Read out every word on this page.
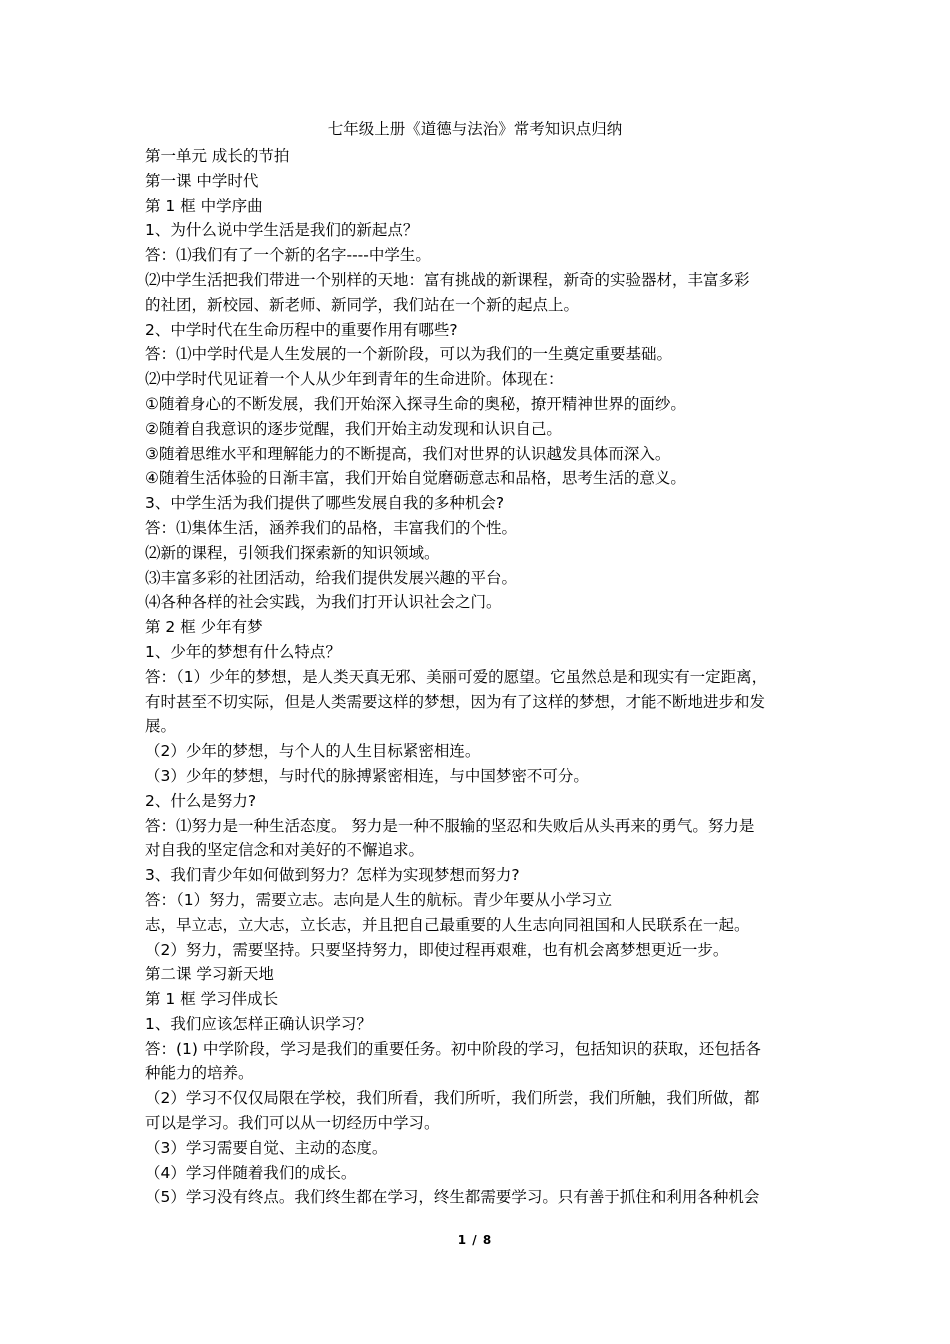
七年级上册《道德与法治》常考知识点归纳
第一单元 成长的节拍
第一课 中学时代
第 1 框 中学序曲
1、为什么说中学生活是我们的新起点？
答：⑴我们有了一个新的名字----中学生。
⑵中学生活把我们带进一个别样的天地：富有挑战的新课程，新奇的实验器材，丰富多彩
的社团，新校园、新老师、新同学，我们站在一个新的起点上。
2、中学时代在生命历程中的重要作用有哪些?
答：⑴中学时代是人生发展的一个新阶段，可以为我们的一生奠定重要基础。
⑵中学时代见证着一个人从少年到青年的生命进阶。体现在：
①随着身心的不断发展，我们开始深入探寻生命的奥秘，撩开精神世界的面纱。
②随着自我意识的逐步觉醒，我们开始主动发现和认识自己。
③随着思维水平和理解能力的不断提高，我们对世界的认识越发具体而深入。
④随着生活体验的日渐丰富，我们开始自觉磨砺意志和品格，思考生活的意义。
3、中学生活为我们提供了哪些发展自我的多种机会?
答：⑴集体生活，涵养我们的品格，丰富我们的个性。
⑵新的课程，引领我们探索新的知识领域。
⑶丰富多彩的社团活动，给我们提供发展兴趣的平台。
⑷各种各样的社会实践，为我们打开认识社会之门。
第 2 框 少年有梦
1、少年的梦想有什么特点？
答：（1）少年的梦想，是人类天真无邪、美丽可爱的愿望。它虽然总是和现实有一定距离，
有时甚至不切实际，但是人类需要这样的梦想，因为有了这样的梦想，才能不断地进步和发
展。
（2）少年的梦想，与个人的人生目标紧密相连。
（3）少年的梦想，与时代的脉搏紧密相连，与中国梦密不可分。
2、什么是努力?
答：⑴努力是一种生活态度。 努力是一种不服输的坚忍和失败后从头再来的勇气。努力是
对自我的坚定信念和对美好的不懈追求。
3、我们青少年如何做到努力？怎样为实现梦想而努力?
答：（1）努力，需要立志。志向是人生的航标。青少年要从小学习立
志，早立志，立大志，立长志，并且把自己最重要的人生志向同祖国和人民联系在一起。
（2）努力，需要坚持。只要坚持努力，即使过程再艰难，也有机会离梦想更近一步。
第二课 学习新天地
第 1 框 学习伴成长
1、我们应该怎样正确认识学习？
答：(1) 中学阶段，学习是我们的重要任务。初中阶段的学习，包括知识的获取，还包括各
种能力的培养。
（2）学习不仅仅局限在学校，我们所看，我们所听，我们所尝，我们所触，我们所做，都
可以是学习。我们可以从一切经历中学习。
（3）学习需要自觉、主动的态度。
（4）学习伴随着我们的成长。
（5）学习没有终点。我们终生都在学习，终生都需要学习。只有善于抓住和利用各种机会
1 / 8
